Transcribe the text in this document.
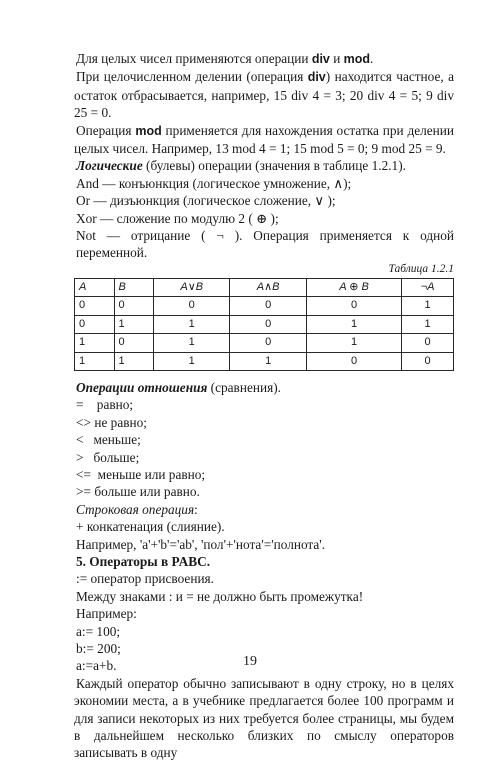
Для целых чисел применяются операции div и mod.

При целочисленном делении (операция div) находится частное, а остаток отбрасывается, например, 15 div 4 = 3; 20 div 4 = 5; 9 div 25 = 0.

Операция mod применяется для нахождения остатка при делении целых чисел. Например, 13 mod 4 = 1; 15 mod 5 = 0; 9 mod 25 = 9.

Логические (булевы) операции (значения в таблице 1.2.1).

And — конъюнкция (логическое умножение, ∧);

Or — дизъюнкция (логическое сложение, ∨ );

Xor — сложение по модулю 2 ( ⊕ );

Not — отрицание ( ¬ ). Операция применяется к одной переменной.

Таблица 1.2.1

A	B	A∨B	A∧B	A ⊕ B	¬A
0	0	0	0	0	1
0	1	1	0	1	1
1	0	1	0	1	0
1	1	1	1	0	0

Операции отношения (сравнения).

= равно;

<> не равно;

< меньше;

> больше;

<= меньше или равно;

>= больше или равно.

Строковая операция:

+ конкатенация (слияние).

Например, 'а'+'b'='аb', 'пол'+'нота'='полнота'.

5. Операторы в PABC.

:= оператор присвоения.

Между знаками : и = не должно быть промежутка!

Например:

a:= 100;

b:= 200;

a:=a+b.

Каждый оператор обычно записывают в одну строку, но в целях экономии места, а в учебнике предлагается более 100 программ и для записи некоторых из них требуется более страницы, мы будем в дальнейшем несколько близких по смыслу операторов записывать в одну

19
